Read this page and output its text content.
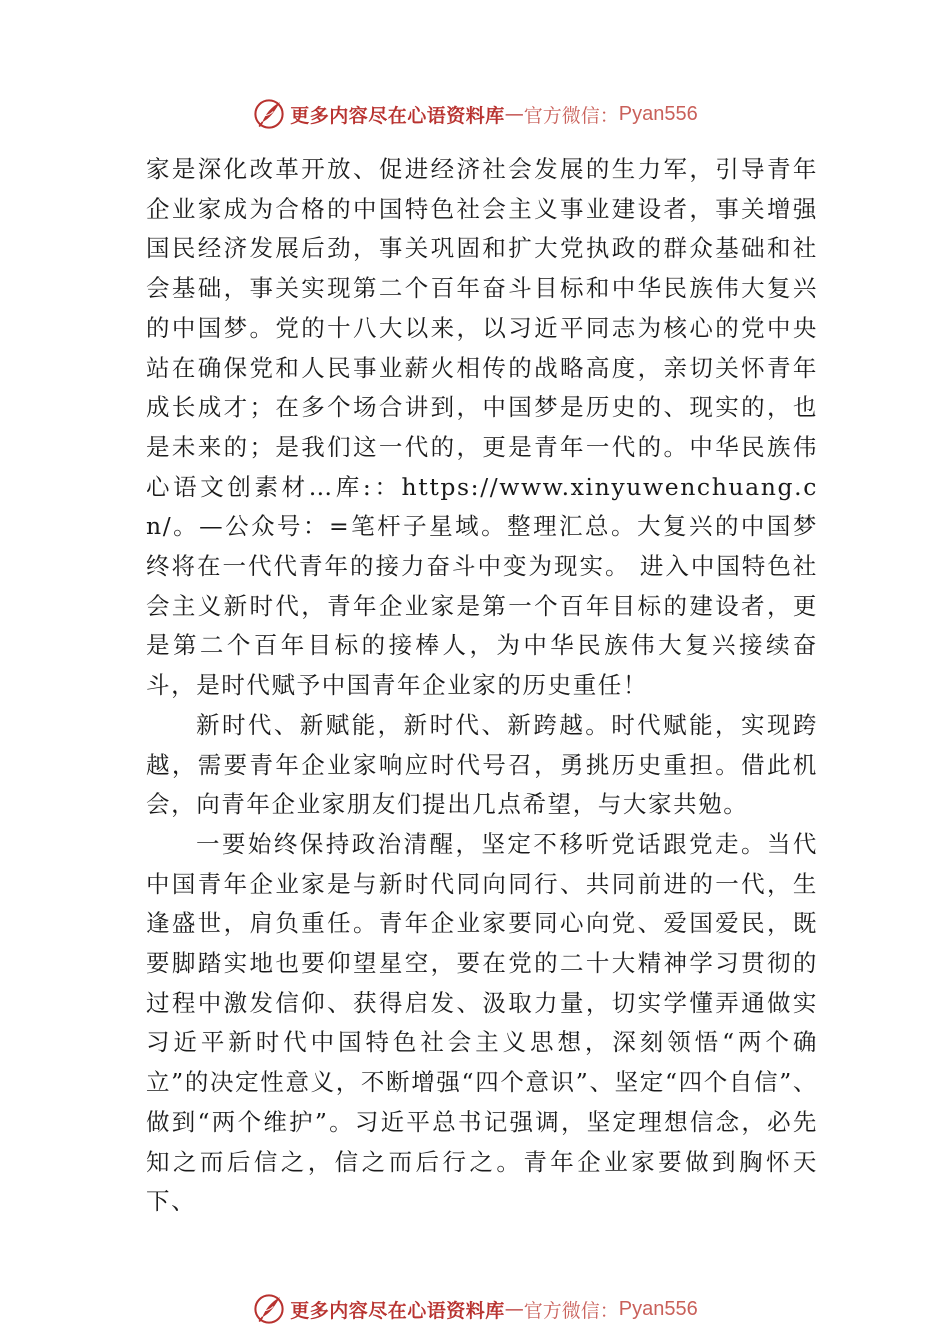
更多内容尽在心语资料库 — 官方微信： Pyan556

家是深化改革开放、促进经济社会发展的生力军，引导青年企业家成为合格的中国特色社会主义事业建设者，事关增强国民经济发展后劲，事关巩固和扩大党执政的群众基础和社会基础，事关实现第二个百年奋斗目标和中华民族伟大复兴的中国梦。党的十八大以来，以习近平同志为核心的党中央站在确保党和人民事业薪火相传的战略高度，亲切关怀青年成长成才；在多个场合讲到，中国梦是历史的、现实的，也是未来的；是我们这一代的，更是青年一代的。中华民族伟心语文创素材…库:：https://www.xinyuwenchuang.cn/。—公众号：=笔杆子星域。整理汇总。大复兴的中国梦终将在一代代青年的接力奋斗中变为现实。 进入中国特色社会主义新时代，青年企业家是第一个百年目标的建设者，更是第二个百年目标的接棒人，为中华民族伟大复兴接续奋斗，是时代赋予中国青年企业家的历史重任！

新时代、新赋能，新时代、新跨越。时代赋能，实现跨越，需要青年企业家响应时代号召，勇挑历史重担。借此机会，向青年企业家朋友们提出几点希望，与大家共勉。

一要始终保持政治清醒，坚定不移听党话跟党走。当代中国青年企业家是与新时代同向同行、共同前进的一代，生逢盛世，肩负重任。青年企业家要同心向党、爱国爱民，既要脚踏实地也要仰望星空，要在党的二十大精神学习贯彻的过程中激发信仰、获得启发、汲取力量，切实学懂弄通做实习近平新时代中国特色社会主义思想，深刻领悟“两个确立”的决定性意义，不断增强“四个意识”、坚定“四个自信”、 做到“两个维护”。习近平总书记强调，坚定理想信念，必先知之而后信之，信之而后行之。青年企业家要做到胸怀天下、

更多内容尽在心语资料库 — 官方微信： Pyan556
